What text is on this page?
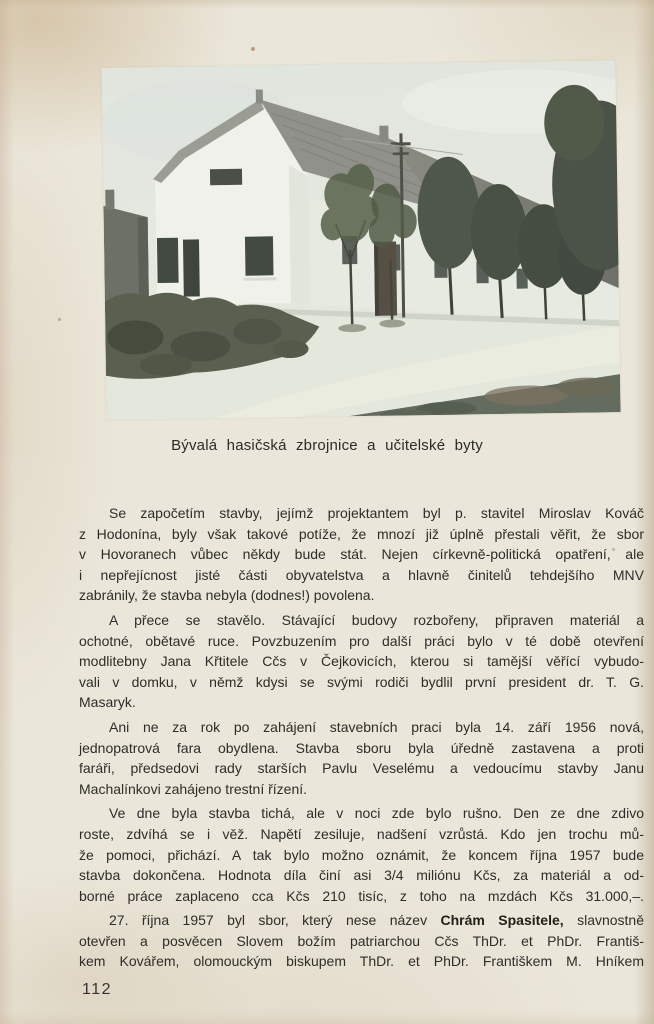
Bývalá hasičská zbrojnice a učitelské byty
Se započetím stavby, jejímž projektantem byl p. stavitel Miroslav Kováč
z Hodonína, byly však takové potíže, že mnozí již úplně přestali věřit, že sbor
v Hovoranech vůbec někdy bude stát. Nejen církevně-politická opatření, ale
i nepřejícnost jisté části obyvatelstva a hlavně činitelů tehdejšího MNV
zabránily, že stavba nebyla (dodnes!) povolena.
A přece se stavělo. Stávající budovy rozbořeny, připraven materiál a
ochotné, obětavé ruce. Povzbuzením pro další práci bylo v té době otevření
modlitebny Jana Křtitele Cčs v Čejkovicích, kterou si tamější věřící vybudo-
vali v domku, v němž kdysi se svými rodiči bydlil první president dr. T. G.
Masaryk.
Ani ne za rok po zahájení stavebních praci byla 14. září 1956 nová,
jednopatrová fara obydlena. Stavba sboru byla úředně zastavena a proti
faráři, předsedovi rady starších Pavlu Veselému a vedoucímu stavby Janu
Machalínkovi zahájeno trestní řízení.
Ve dne byla stavba tichá, ale v noci zde bylo rušno. Den ze dne zdivo
roste, zdvíhá se i věž. Napětí zesiluje, nadšení vzrůstá. Kdo jen trochu mů-
že pomoci, přichází. A tak bylo možno oznámit, že koncem října 1957 bude
stavba dokončena. Hodnota díla činí asi 3/4 miliónu Kčs, za materiál a od-
borné práce zaplaceno cca Kčs 210 tisíc, z toho na mzdách Kčs 31.000,–.
27. října 1957 byl sbor, který nese název Chrám Spasitele, slavnostně
otevřen a posvěcen Slovem božím patriarchou Cčs ThDr. et PhDr. Františ-
kem Kovářem, olomouckým biskupem ThDr. et PhDr. Františkem M. Hníkem
112
